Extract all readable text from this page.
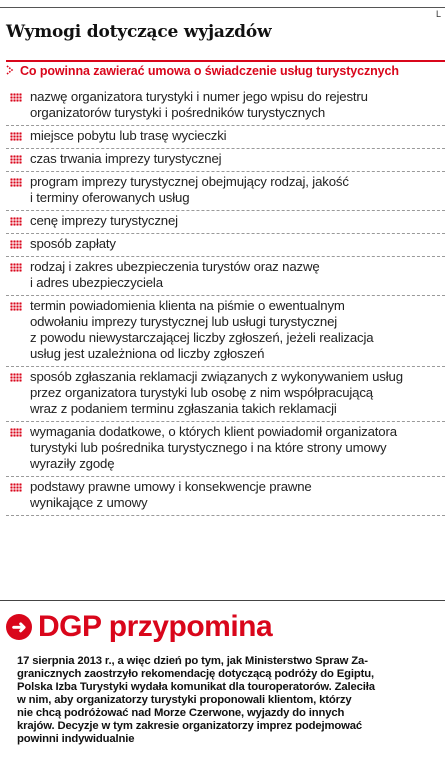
L
Wymogi dotyczące wyjazdów
Co powinna zawierać umowa o świadczenie usług turystycznych
nazwę organizatora turystyki i numer jego wpisu do rejestru
organizatorów turystyki i pośredników turystycznych
miejsce pobytu lub trasę wycieczki
czas trwania imprezy turystycznej
program imprezy turystycznej obejmujący rodzaj, jakość
i terminy oferowanych usług
cenę imprezy turystycznej
sposób zapłaty
rodzaj i zakres ubezpieczenia turystów oraz nazwę
i adres ubezpieczyciela
termin powiadomienia klienta na piśmie o ewentualnym
odwołaniu imprezy turystycznej lub usługi turystycznej
z powodu niewystarczającej liczby zgłoszeń, jeżeli realizacja
usług jest uzależniona od liczby zgłoszeń
sposób zgłaszania reklamacji związanych z wykonywaniem usług
przez organizatora turystyki lub osobę z nim współpracującą
wraz z podaniem terminu zgłaszania takich reklamacji
wymagania dodatkowe, o których klient powiadomił organizatora
turystyki lub pośrednika turystycznego i na które strony umowy
wyraziły zgodę
podstawy prawne umowy i konsekwencje prawne
wynikające z umowy
➜ DGP przypomina
17 sierpnia 2013 r., a więc dzień po tym, jak Ministerstwo Spraw Za-
granicznych zaostrzyło rekomendację dotyczącą podróży do Egiptu,
Polska Izba Turystyki wydała komunikat dla touroperatorów. Zaleciła
w nim, aby organizatorzy turystyki proponowali klientom, którzy
nie chcą podróżować nad Morze Czerwone, wyjazdy do innych
krajów. Decyzje w tym zakresie organizatorzy imprez podejmować
powinni indywidualnie
